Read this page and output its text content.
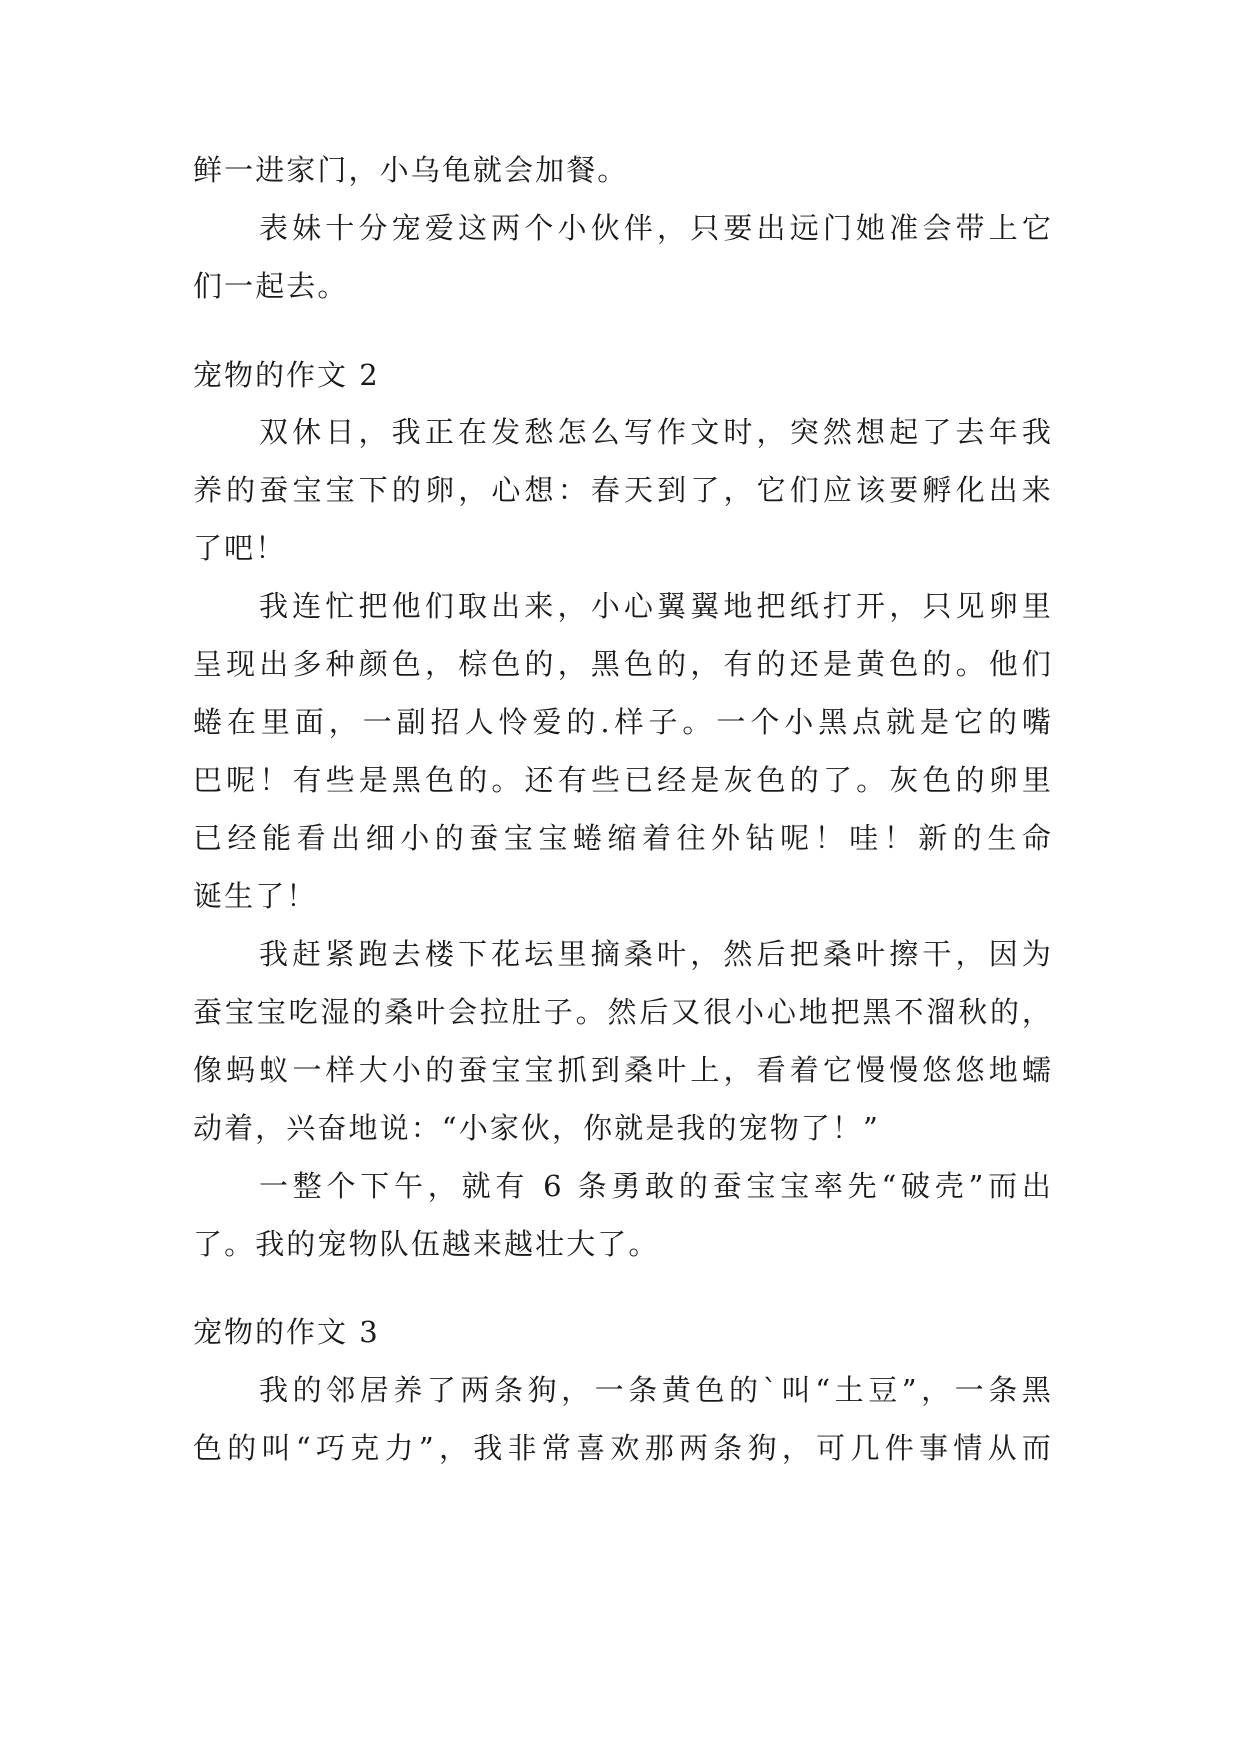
鲜一进家门，小乌龟就会加餐。
表妹十分宠爱这两个小伙伴，只要出远门她准会带上它
们一起去。
宠物的作文 2
双休日，我正在发愁怎么写作文时，突然想起了去年我
养的蚕宝宝下的卵，心想：春天到了，它们应该要孵化出来
了吧！
我连忙把他们取出来，小心翼翼地把纸打开，只见卵里
呈现出多种颜色，棕色的，黑色的，有的还是黄色的。他们
蜷在里面，一副招人怜爱的.样子。一个小黑点就是它的嘴
巴呢！有些是黑色的。还有些已经是灰色的了。灰色的卵里
已经能看出细小的蚕宝宝蜷缩着往外钻呢！哇！新的生命
诞生了！
我赶紧跑去楼下花坛里摘桑叶，然后把桑叶擦干，因为
蚕宝宝吃湿的桑叶会拉肚子。然后又很小心地把黑不溜秋的，
像蚂蚁一样大小的蚕宝宝抓到桑叶上，看着它慢慢悠悠地蠕
动着，兴奋地说：“小家伙，你就是我的宠物了！”
一整个下午，就有 6 条勇敢的蚕宝宝率先“破壳”而出
了。我的宠物队伍越来越壮大了。
宠物的作文 3
我的邻居养了两条狗，一条黄色的`叫“土豆”，一条黑
色的叫“巧克力”，我非常喜欢那两条狗，可几件事情从而
